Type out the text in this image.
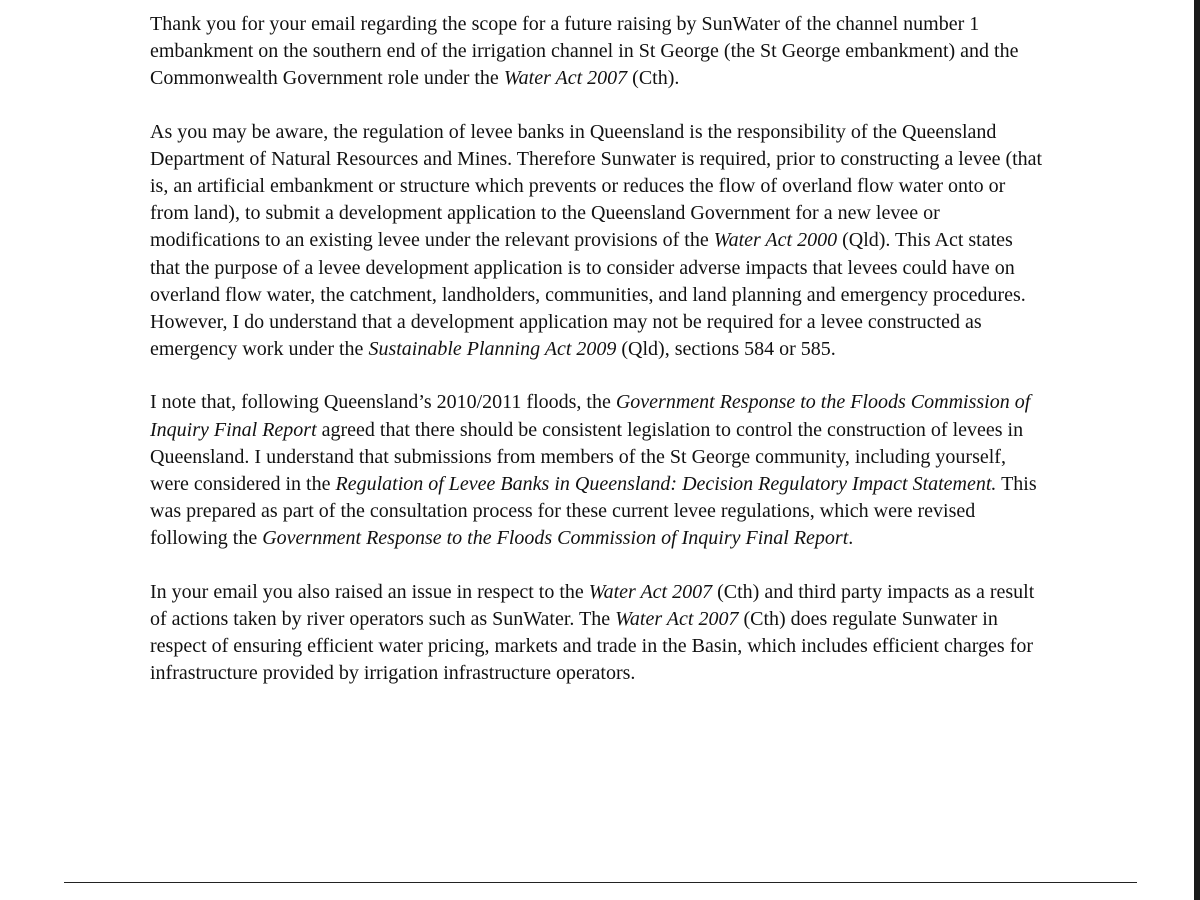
Thank you for your email regarding the scope for a future raising by SunWater of the channel number 1 embankment on the southern end of the irrigation channel in St George (the St George embankment) and the Commonwealth Government role under the Water Act 2007 (Cth).

As you may be aware, the regulation of levee banks in Queensland is the responsibility of the Queensland Department of Natural Resources and Mines. Therefore Sunwater is required, prior to constructing a levee (that is, an artificial embankment or structure which prevents or reduces the flow of overland flow water onto or from land), to submit a development application to the Queensland Government for a new levee or modifications to an existing levee under the relevant provisions of the Water Act 2000 (Qld). This Act states that the purpose of a levee development application is to consider adverse impacts that levees could have on overland flow water, the catchment, landholders, communities, and land planning and emergency procedures. However, I do understand that a development application may not be required for a levee constructed as emergency work under the Sustainable Planning Act 2009 (Qld), sections 584 or 585.

I note that, following Queensland’s 2010/2011 floods, the Government Response to the Floods Commission of Inquiry Final Report agreed that there should be consistent legislation to control the construction of levees in Queensland. I understand that submissions from members of the St George community, including yourself, were considered in the Regulation of Levee Banks in Queensland: Decision Regulatory Impact Statement. This was prepared as part of the consultation process for these current levee regulations, which were revised following the Government Response to the Floods Commission of Inquiry Final Report.

In your email you also raised an issue in respect to the Water Act 2007 (Cth) and third party impacts as a result of actions taken by river operators such as SunWater. The Water Act 2007 (Cth) does regulate Sunwater in respect of ensuring efficient water pricing, markets and trade in the Basin, which includes efficient charges for infrastructure provided by irrigation infrastructure operators.
